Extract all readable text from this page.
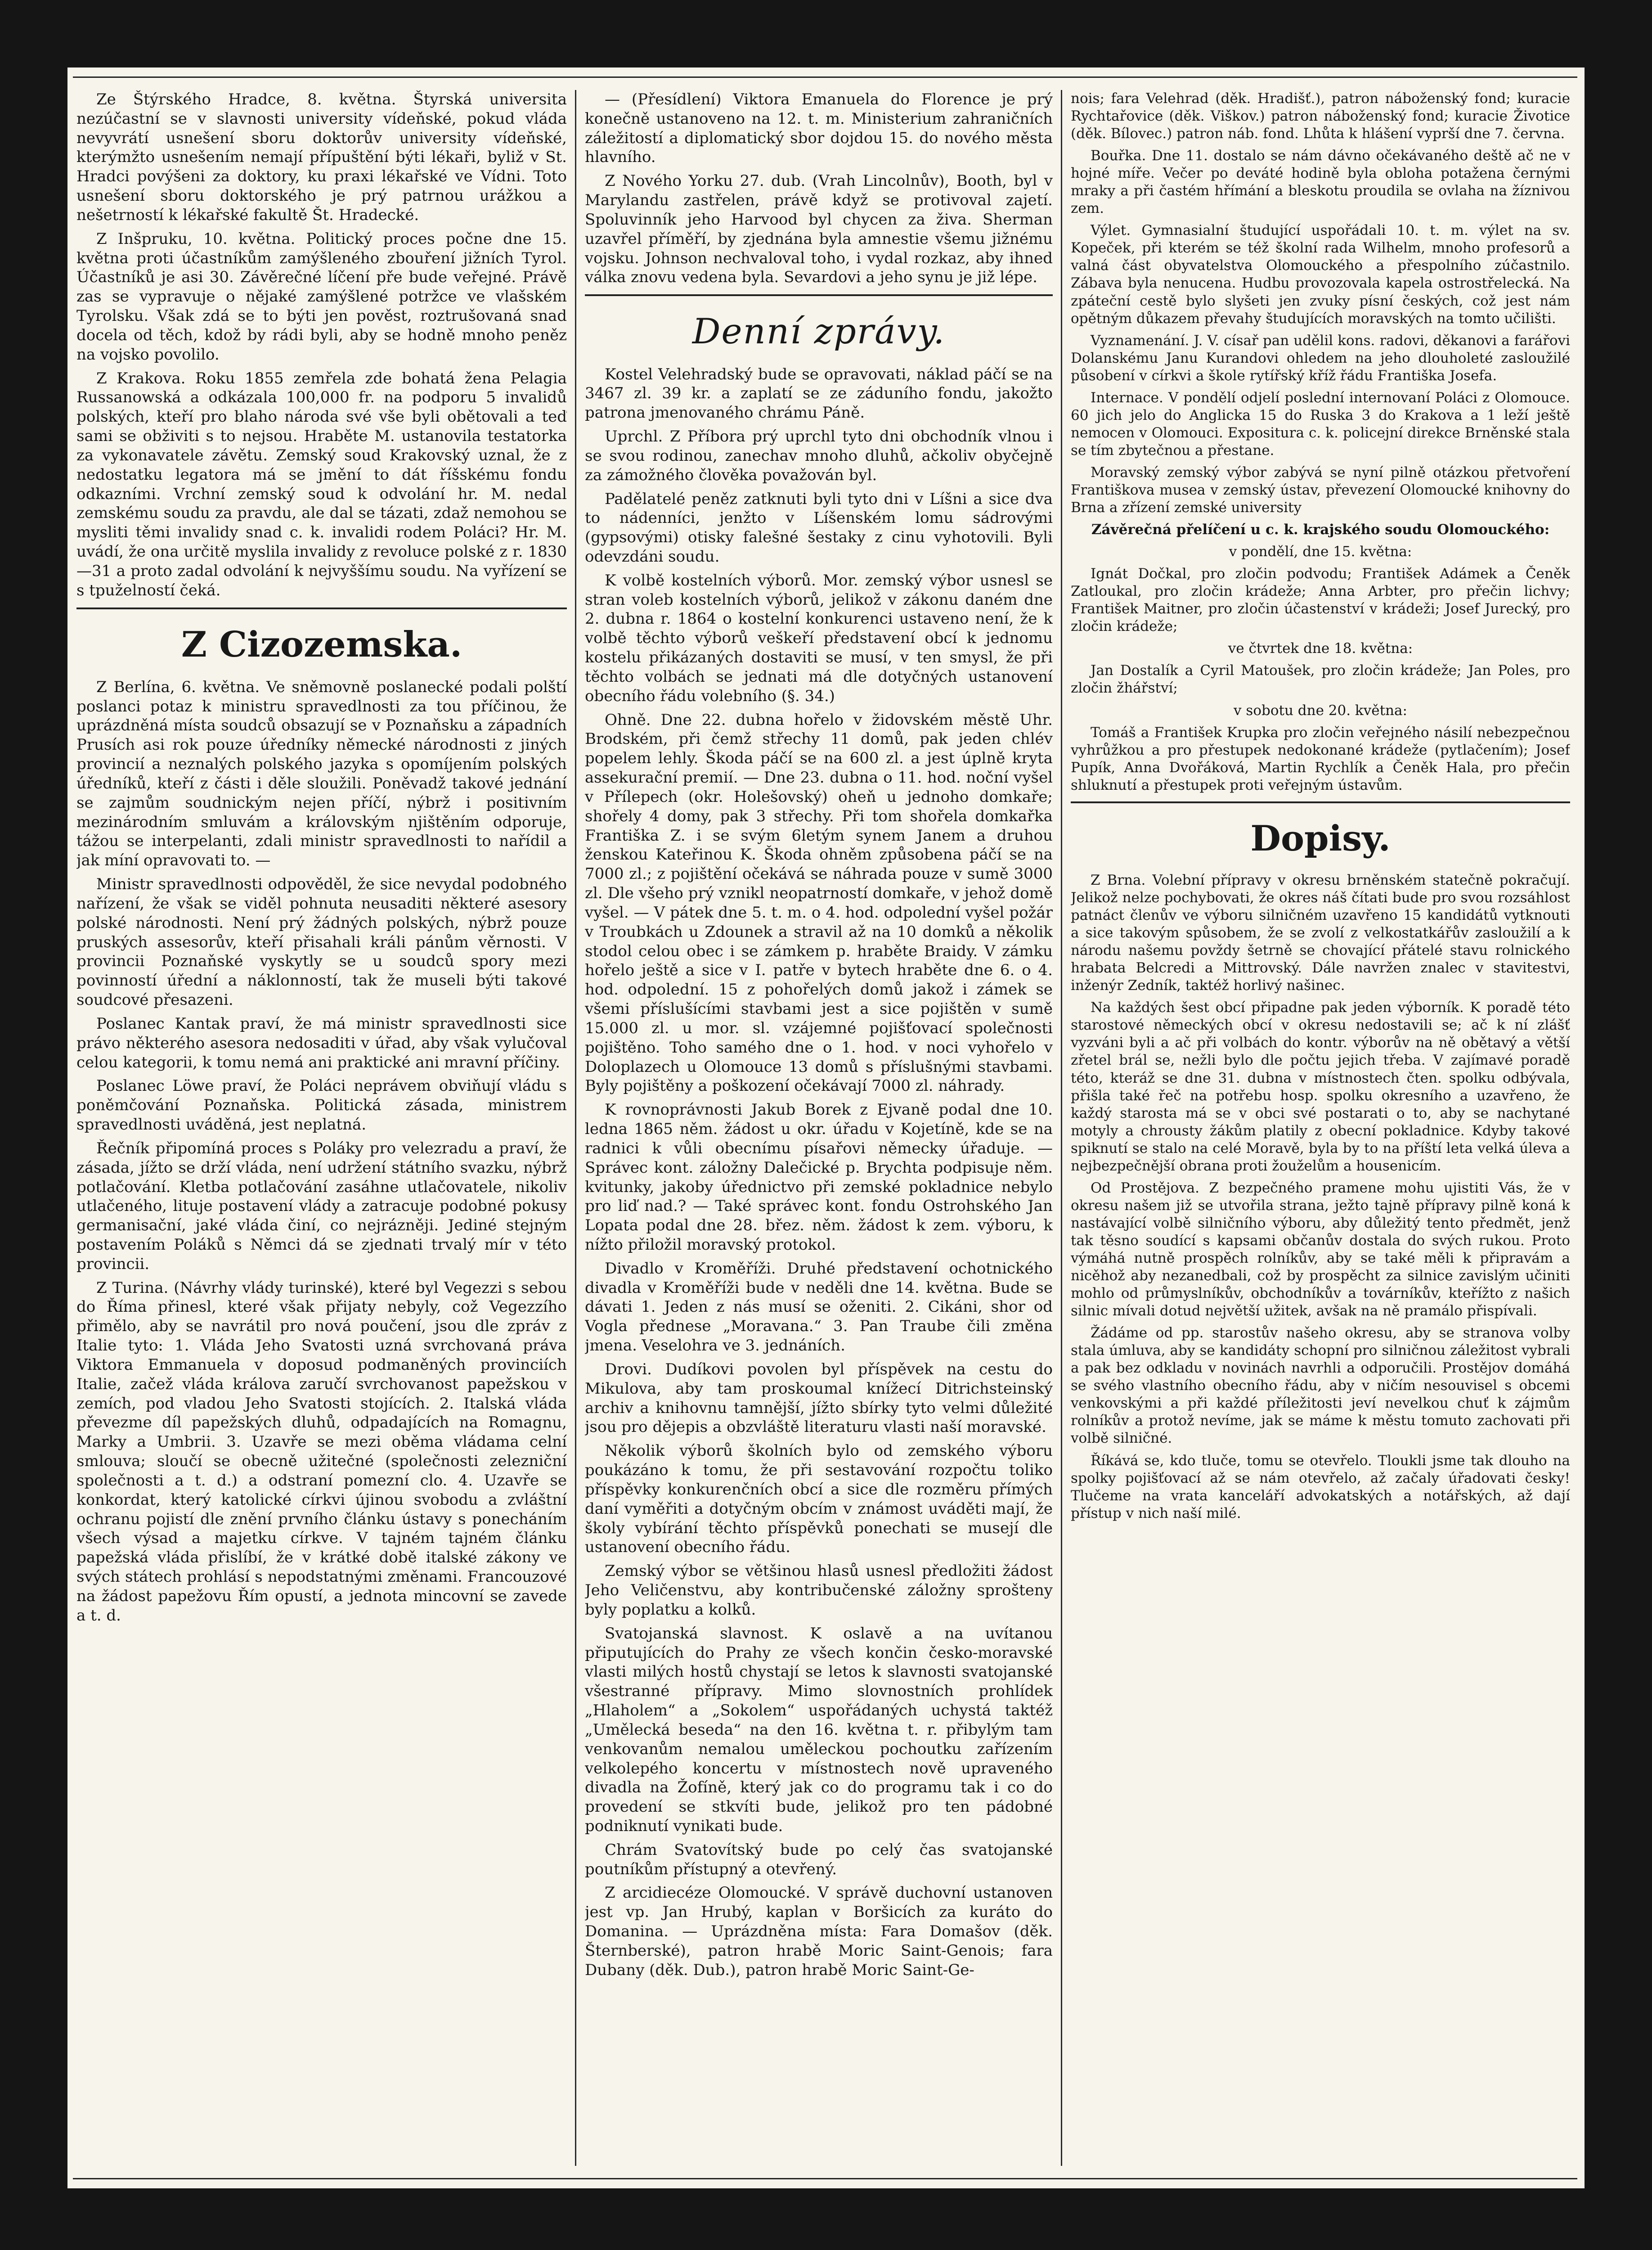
Ze Štýrského Hradce, 8. května. Štyrská universita nezúčastní se v slavnosti university vídeňské, pokud vláda nevyvrátí usnešení sboru doktorův university vídeňské, kterýmžto usnešením nemají přípuštění býti lékaři, byliž v St. Hradci povýšeni za doktory, ku praxi lékařské ve Vídni. Toto usnešení sboru doktorského je prý patrnou urážkou a nešetrností k lékařské fakultě Št. Hradecké.

Z Inšpruku, 10. května. Politický proces počne dne 15. května proti účastníkům zamýšleného zbouření jižních Tyrol. Účastníků je asi 30. Závěrečné líčení pře bude veřejné. Právě zas se vypravuje o nějaké zamýšlené potržce ve vlašském Tyrolsku. Však zdá se to býti jen pověst, roztrušovaná snad docela od těch, kdož by rádi byli, aby se hodně mnoho peněz na vojsko povolilo.

Z Krakova. Roku 1855 zemřela zde bohatá žena Pelagia Russanowská a odkázala 100,000 fr. na podporu 5 invalidů polských, kteří pro blaho národa své vše byli obětovali a teď sami se obživiti s to nejsou. Hraběte M. ustanovila testatorka za vykonavatele závětu. Zemský soud Krakovský uznal, že z nedostatku legatora má se jmění to dát říšskému fondu odkazními. Vrchní zemský soud k odvolání hr. M. nedal zemskému soudu za pravdu, ale dal se tázati, zdaž nemohou se mysliti těmi invalidy snad c. k. invalidi rodem Poláci? Hr. M. uvádí, že ona určitě myslila invalidy z revoluce polské z r. 1830—31 a proto zadal odvolání k nejvyššímu soudu. Na vyřízení se s tpuželností čeká.

Z Cizozemska.

Z Berlína, 6. května. Ve sněmovně poslanecké podali polští poslanci potaz k ministru spravedlnosti za tou příčinou, že uprázdněná místa soudců obsazují se v Poznaňsku a západních Prusích asi rok pouze úředníky německé národnosti z jiných provincií a neznalých polského jazyka s opomíjením polských úředníků, kteří z části i děle sloužili. Poněvadž takové jednání se zajmům soudnickým nejen příčí, nýbrž i positivním mezinárodním smluvám a královským njištěním odporuje, tážou se interpelanti, zdali ministr spravedlnosti to nařídil a jak míní opravovati to. —

Ministr spravedlnosti odpověděl, že sice nevydal podobného nařízení, že však se viděl pohnuta neusaditi některé asesory polské národnosti. Není prý žádných polských, nýbrž pouze pruských assesorův, kteří přisahali králi pánům věrnosti. V provincii Poznaňské vyskytly se u soudců spory mezi povinností úřední a náklonností, tak že museli býti takové soudcové přesazeni.

Poslanec Kantak praví, že má ministr spravedlnosti sice právo některého asesora nedosaditi v úřad, aby však vylučoval celou kategorii, k tomu nemá ani praktické ani mravní příčiny.

Poslanec Löwe praví, že Poláci neprávem obviňují vládu s poněmčování Poznaňska. Politická zásada, ministrem spravedlnosti uváděná, jest neplatná.

Řečník připomíná proces s Poláky pro velezradu a praví, že zásada, jížto se drží vláda, není udržení státního svazku, nýbrž potlačování. Kletba potlačování zasáhne utlačovatele, nikoliv utlačeného, lituje postavení vlády a zatracuje podobné pokusy germanisační, jaké vláda činí, co nejrázněji. Jediné stejným postavením Poláků s Němci dá se zjednati trvalý mír v této provincii.

Z Turina. (Návrhy vlády turinské), které byl Vegezzi s sebou do Říma přinesl, které však přijaty nebyly, což Vegezzího přimělo, aby se navrátil pro nová poučení, jsou dle zpráv z Italie tyto: 1. Vláda Jeho Svatosti uzná svrchovaná práva Viktora Emmanuela v doposud podmaněných provinciích Italie, začež vláda králova zaručí svrchovanost papežskou v zemích, pod vladou Jeho Svatosti stojících. 2. Italská vláda převezme díl papežských dluhů, odpadajících na Romagnu, Marky a Umbrii. 3. Uzavře se mezi oběma vládama celní smlouva; sloučí se obecně užitečné (společnosti zelezniční společnosti a t. d.) a odstraní pomezní clo. 4. Uzavře se konkordat, který katolické církvi újinou svobodu a zvláštní ochranu pojistí dle znění prvního článku ústavy s ponecháním všech výsad a majetku církve. V tajném tajném článku papežská vláda přislíbí, že v krátké době italské zákony ve svých státech prohlásí s nepodstatnými změnami. Francouzové na žádost papežovu Řím opustí, a jednota mincovní se zavede a t. d.

— (Přesídlení) Viktora Emanuela do Florence je prý konečně ustanoveno na 12. t. m. Ministerium zahraničních záležitostí a diplomatický sbor dojdou 15. do nového města hlavního.

Z Nového Yorku 27. dub. (Vrah Lincolnův), Booth, byl v Marylandu zastřelen, právě když se protivoval zajetí. Spoluvinník jeho Harvood byl chycen za živa. Sherman uzavřel příměří, by zjednána byla amnestie všemu jižnému vojsku. Johnson nechvaloval toho, i vydal rozkaz, aby ihned válka znovu vedena byla. Sevardovi a jeho synu je již lépe.

Denní zprávy.

Kostel Velehradský bude se opravovati, náklad páčí se na 3467 zl. 39 kr. a zaplatí se ze záduního fondu, jakožto patrona jmenovaného chrámu Páně.

Uprchl. Z Příbora prý uprchl tyto dni obchodník vlnou i se svou rodinou, zanechav mnoho dluhů, ačkoliv obyčejně za zámožného člověka považován byl.

Padělatelé peněz zatknuti byli tyto dni v Líšni a sice dva to nádenníci, jenžto v Líšenském lomu sádrovými (gypsovými) otisky falešné šestaky z cinu vyhotovili. Byli odevzdáni soudu.

K volbě kostelních výborů. Mor. zemský výbor usnesl se stran voleb kostelních výborů, jelikož v zákonu daném dne 2. dubna r. 1864 o kostelní konkurenci ustaveno není, že k volbě těchto výborů veškeří představení obcí k jednomu kostelu přikázaných dostaviti se musí, v ten smysl, že při těchto volbách se jednati má dle dotyčných ustanovení obecního řádu volebního (§. 34.)

Ohně. Dne 22. dubna hořelo v židovském městě Uhr. Brodském, při čemž střechy 11 domů, pak jeden chlév popelem lehly. Škoda páčí se na 600 zl. a jest úplně kryta assekurační premií. — Dne 23. dubna o 11. hod. noční vyšel v Přílepech (okr. Holešovský) oheň u jednoho domkaře; shořely 4 domy, pak 3 střechy. Při tom shořela domkařka Františka Z. i se svým 6letým synem Janem a druhou ženskou Kateřinou K. Škoda ohněm způsobena páčí se na 7000 zl.; z pojištění očekává se náhrada pouze v sumě 3000 zl. Dle všeho prý vznikl neopatrností domkaře, v jehož domě vyšel. — V pátek dne 5. t. m. o 4. hod. odpolední vyšel požár v Troubkách u Zdounek a stravil až na 10 domků a několik stodol celou obec i se zámkem p. hraběte Braidy. V zámku hořelo ještě a sice v I. patře v bytech hraběte dne 6. o 4. hod. odpolední. 15 z pohořelých domů jakož i zámek se všemi příslušícími stavbami jest a sice pojištěn v sumě 15.000 zl. u mor. sl. vzájemné pojišťovací společnosti pojištěno. Toho samého dne o 1. hod. v noci vyhořelo v Doloplazech u Olomouce 13 domů s příslušnými stavbami. Byly pojištěny a poškození očekávají 7000 zl. náhrady.

K rovnoprávnosti Jakub Borek z Ejvaně podal dne 10. ledna 1865 něm. žádost u okr. úřadu v Kojetíně, kde se na radnici k vůli obecnímu písařovi německy úřaduje. — Správec kont. záložny Dalečické p. Brychta podpisuje něm. kvitunky, jakoby úřednictvo při zemské pokladnice nebylo pro liď nad.? — Také správec kont. fondu Ostrohského Jan Lopata podal dne 28. břez. něm. žádost k zem. výboru, k nížto přiložil moravský protokol.

Divadlo v Kroměříži. Druhé představení ochotnického divadla v Kroměříži bude v neděli dne 14. května. Bude se dávati 1. Jeden z nás musí se oženiti. 2. Cikáni, shor od Vogla přednese „Moravana.“ 3. Pan Traube čili změna jmena. Veselohra ve 3. jednáních.

Drovi. Dudíkovi povolen byl příspěvek na cestu do Mikulova, aby tam proskoumal knížecí Ditrichsteinský archiv a knihovnu tamnější, jížto sbírky tyto velmi důležité jsou pro dějepis a obzvláště literaturu vlasti naší moravské.

Několik výborů školních bylo od zemského výboru poukázáno k tomu, že při sestavování rozpočtu toliko příspěvky konkurenčních obcí a sice dle rozměru přímých daní vyměřiti a dotyčným obcím v známost uváděti mají, že školy vybírání těchto příspěvků ponechati se musejí dle ustanovení obecního řádu.

Zemský výbor se většinou hlasů usnesl předložiti žádost Jeho Veličenstvu, aby kontribučenské záložny sprošteny byly poplatku a kolků.

Svatojanská slavnost. K oslavě a na uvítanou připutujících do Prahy ze všech končin česko-moravské vlasti milých hostů chystají se letos k slavnosti svatojanské všestranné přípravy. Mimo slovnostních prohlídek „Hlaholem“ a „Sokolem“ uspořádaných uchystá taktéž „Umělecká beseda“ na den 16. května t. r. přibylým tam venkovanům nemalou uměleckou pochoutku zařízením velkolepého koncertu v místnostech nově upraveného divadla na Žofíně, který jak co do programu tak i co do provedení se stkvíti bude, jelikož pro ten pádobné podniknutí vynikati bude.

Chrám Svatovítský bude po celý čas svatojanské poutníkům přístupný a otevřený.

Z arcidiecéze Olomoucké. V správě duchovní ustanoven jest vp. Jan Hrubý, kaplan v Boršicích za kuráto do Domanina. — Uprázdněna místa: Fara Domašov (děk. Šternberské), patron hrabě Moric Saint-Genois; fara Dubany (děk. Dub.), patron hrabě Moric Saint-Ge-

nois; fara Velehrad (děk. Hradišť.), patron náboženský fond; kuracie Rychtařovice (děk. Viškov.) patron náboženský fond; kuracie Životice (děk. Bílovec.) patron náb. fond. Lhůta k hlášení vyprší dne 7. června.

Bouřka. Dne 11. dostalo se nám dávno očekávaného deště ač ne v hojné míře. Večer po deváté hodině byla obloha potažena černými mraky a při častém hřímání a bleskotu proudila se ovlaha na žíznivou zem.

Výlet. Gymnasialní študující uspořádali 10. t. m. výlet na sv. Kopeček, při kterém se též školní rada Wilhelm, mnoho profesorů a valná část obyvatelstva Olomouckého a přespolního zúčastnilo. Zábava byla nenucena. Hudbu provozovala kapela ostrostřelecká. Na zpáteční cestě bylo slyšeti jen zvuky písní českých, což jest nám opětným důkazem převahy študujících moravských na tomto učilišti.

Vyznamenání. J. V. císař pan udělil kons. radovi, děkanovi a farářovi Dolanskému Janu Kurandovi ohledem na jeho dlouholeté zasloužilé působení v církvi a škole rytířský kříž řádu Františka Josefa.

Internace. V pondělí odjelí poslední internovaní Poláci z Olomouce. 60 jich jelo do Anglicka 15 do Ruska 3 do Krakova a 1 leží ještě nemocen v Olomouci. Expositura c. k. policejní direkce Brněnské stala se tím zbytečnou a přestane.

Moravský zemský výbor zabývá se nyní pilně otázkou přetvoření Františkova musea v zemský ústav, převezení Olomoucké knihovny do Brna a zřízení zemské university

Závěrečná přelíčení u c. k. krajského soudu Olomouckého:

v pondělí, dne 15. května:

Ignát Dočkal, pro zločin podvodu; František Adámek a Čeněk Zatloukal, pro zločin krádeže; Anna Arbter, pro přečin lichvy; František Maitner, pro zločin účastenství v krádeži; Josef Jurecký, pro zločin krádeže;

ve čtvrtek dne 18. května:

Jan Dostalík a Cyril Matoušek, pro zločin krádeže; Jan Poles, pro zločin žhářství;

v sobotu dne 20. května:

Tomáš a František Krupka pro zločin veřejného násilí nebezpečnou vyhrůžkou a pro přestupek nedokonané krádeže (pytlačením); Josef Pupík, Anna Dvořáková, Martin Rychlík a Čeněk Hala, pro přečin shluknutí a přestupek proti veřejným ústavům.

Dopisy.

Z Brna. Volební přípravy v okresu brněnském statečně pokračují. Jelikož nelze pochybovati, že okres náš čítati bude pro svou rozsáhlost patnáct členův ve výboru silničném uzavřeno 15 kandidátů vytknouti a sice takovým spůsobem, že se zvolí z velkostatkářův zasloužilí a k národu našemu povždy šetrně se chovající přátelé stavu rolnického hrabata Belcredi a Mittrovský. Dále navržen znalec v stavitestvi, inženýr Zedník, taktéž horlivý našinec.

Na každých šest obcí připadne pak jeden výborník. K poradě této starostové německých obcí v okresu nedostavili se; ač k ní zlášť vyzváni byli a ač při volbách do kontr. výborův na ně obětavý a větší zřetel brál se, nežli bylo dle počtu jejich třeba. V zajímavé poradě této, kteráž se dne 31. dubna v místnostech čten. spolku odbývala, přišla také řeč na potřebu hosp. spolku okresního a uzavřeno, že každý starosta má se v obci své postarati o to, aby se nachytané motyly a chrousty žákům platily z obecní pokladnice. Kdyby takové spiknutí se stalo na celé Moravě, byla by to na příští leta velká úleva a nejbezpečnější obrana proti žouželům a housenicím.

Od Prostějova. Z bezpečného pramene mohu ujistiti Vás, že v okresu našem již se utvořila strana, ježto tajně přípravy pilně koná k nastávající volbě silničního výboru, aby důležitý tento předmět, jenž tak těsno soudící s kapsami občanův dostala do svých rukou. Proto výmáhá nutně prospěch rolníkův, aby se také měli k připravám a nicěhož aby nezanedbali, což by prospěcht za silnice zavislým učiniti mohlo od průmyslníkův, obchodníkův a továrníkův, kteřížto z našich silnic mívali dotud největší užitek, avšak na ně pramálo přispívali.

Žádáme od pp. starostův našeho okresu, aby se stranova volby stala úmluva, aby se kandidáty schopní pro silničnou záležitost vybrali a pak bez odkladu v novinách navrhli a odporučili. Prostějov domáhá se svého vlastního obecního řádu, aby v ničím nesouvisel s obcemi venkovskými a při každé příležitosti jeví nevelkou chuť k zájmům rolníkův a protož nevíme, jak se máme k městu tomuto zachovati při volbě silničné.

Říkává se, kdo tluče, tomu se otevřelo. Tloukli jsme tak dlouho na spolky pojišťovací až se nám otevřelo, až začaly úřadovati česky! Tlučeme na vrata kanceláří advokatských a notářských, až dají přístup v nich naší milé.
